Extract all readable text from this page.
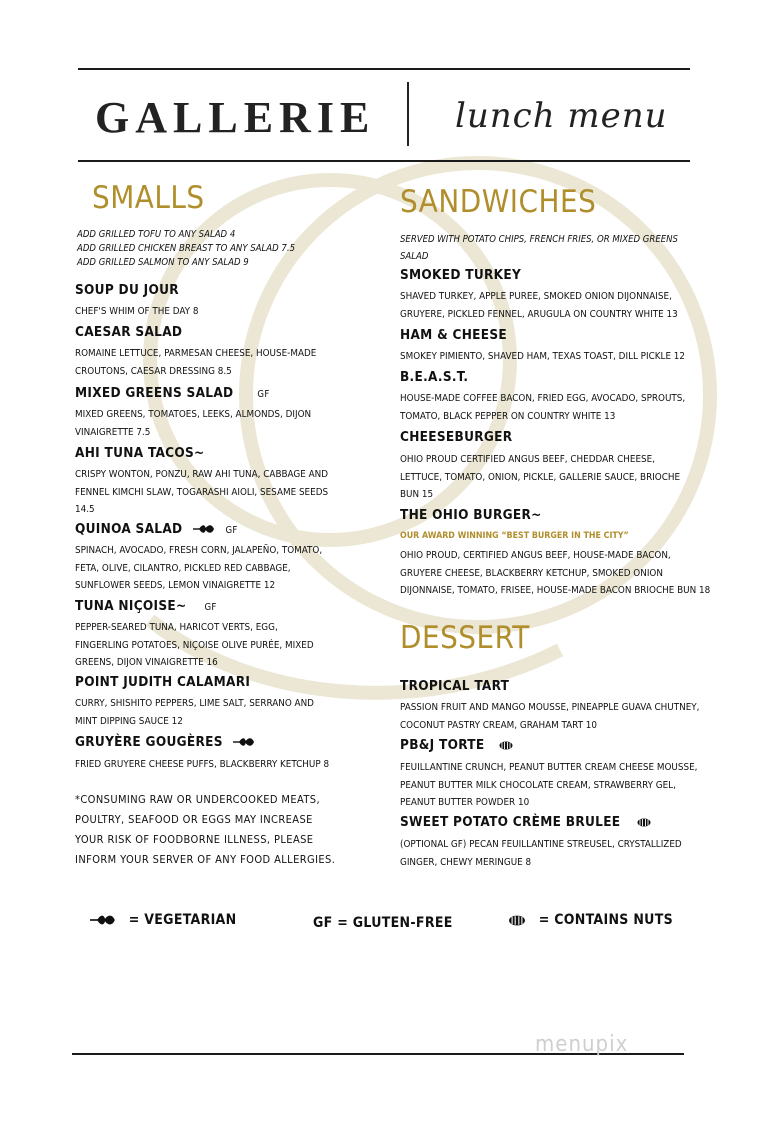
GALLERIE lunch menu
SMALLS
ADD GRILLED TOFU TO ANY SALAD 4
ADD GRILLED CHICKEN BREAST TO ANY SALAD 7.5
ADD GRILLED SALMON TO ANY SALAD 9
SOUP DU JOUR
CHEF'S WHIM OF THE DAY 8
CAESAR SALAD
ROMAINE LETTUCE, PARMESAN CHEESE, HOUSE-MADE
CROUTONS, CAESAR DRESSING 8.5
MIXED GREENS SALAD	GF
MIXED GREENS, TOMATOES, LEEKS, ALMONDS, DIJON
VINAIGRETTE 7.5
AHI TUNA TACOS~
CRISPY WONTON, PONZU, RAW AHI TUNA, CABBAGE AND
FENNEL KIMCHI SLAW, TOGARASHI AIOLI, SESAME SEEDS
14.5
QUINOA SALAD	GF
SPINACH, AVOCADO, FRESH CORN, JALAPEÑO, TOMATO,
FETA, OLIVE, CILANTRO, PICKLED RED CABBAGE,
SUNFLOWER SEEDS, LEMON VINAIGRETTE 12
TUNA NIÇOISE~ GF
PEPPER-SEARED TUNA, HARICOT VERTS, EGG,
FINGERLING POTATOES, NIÇOISE OLIVE PURÉE, MIXED
GREENS, DIJON VINAIGRETTE 16
POINT JUDITH CALAMARI
CURRY, SHISHITO PEPPERS, LIME SALT, SERRANO AND
MINT DIPPING SAUCE 12
GRUYÈRE GOUGÈRES
FRIED GRUYERE CHEESE PUFFS, BLACKBERRY KETCHUP 8
*CONSUMING RAW OR UNDERCOOKED MEATS,
POULTRY, SEAFOOD OR EGGS MAY INCREASE
YOUR RISK OF FOODBORNE ILLNESS, PLEASE
INFORM YOUR SERVER OF ANY FOOD ALLERGIES.
SANDWICHES
SERVED WITH POTATO CHIPS, FRENCH FRIES, OR MIXED GREENS
SALAD
SMOKED TURKEY
SHAVED TURKEY, APPLE PUREE, SMOKED ONION DIJONNAISE,
GRUYERE, PICKLED FENNEL, ARUGULA ON COUNTRY WHITE 13
HAM & CHEESE
SMOKEY PIMIENTO, SHAVED HAM, TEXAS TOAST, DILL PICKLE 12
B.E.A.S.T.
HOUSE-MADE COFFEE BACON, FRIED EGG, AVOCADO, SPROUTS,
TOMATO, BLACK PEPPER ON COUNTRY WHITE 13
CHEESEBURGER
OHIO PROUD CERTIFIED ANGUS BEEF, CHEDDAR CHEESE,
LETTUCE, TOMATO, ONION, PICKLE, GALLERIE SAUCE, BRIOCHE
BUN 15
THE OHIO BURGER~
OUR AWARD WINNING “BEST BURGER IN THE CITY”
OHIO PROUD, CERTIFIED ANGUS BEEF, HOUSE-MADE BACON,
GRUYERE CHEESE, BLACKBERRY KETCHUP, SMOKED ONION
DIJONNAISE, TOMATO, FRISEE, HOUSE-MADE BACON BRIOCHE BUN 18
DESSERT
TROPICAL TART
PASSION FRUIT AND MANGO MOUSSE, PINEAPPLE GUAVA CHUTNEY,
COCONUT PASTRY CREAM, GRAHAM TART 10
PB&J TORTE
FEUILLANTINE CRUNCH, PEANUT BUTTER CREAM CHEESE MOUSSE,
PEANUT BUTTER MILK CHOCOLATE CREAM, STRAWBERRY GEL,
PEANUT BUTTER POWDER 10
SWEET POTATO CRÈME BRULEE
(OPTIONAL GF) PECAN FEUILLANTINE STREUSEL, CRYSTALLIZED
GINGER, CHEWY MERINGUE 8
= VEGETARIAN	GF = GLUTEN-FREE	= CONTAINS NUTS
menupix
